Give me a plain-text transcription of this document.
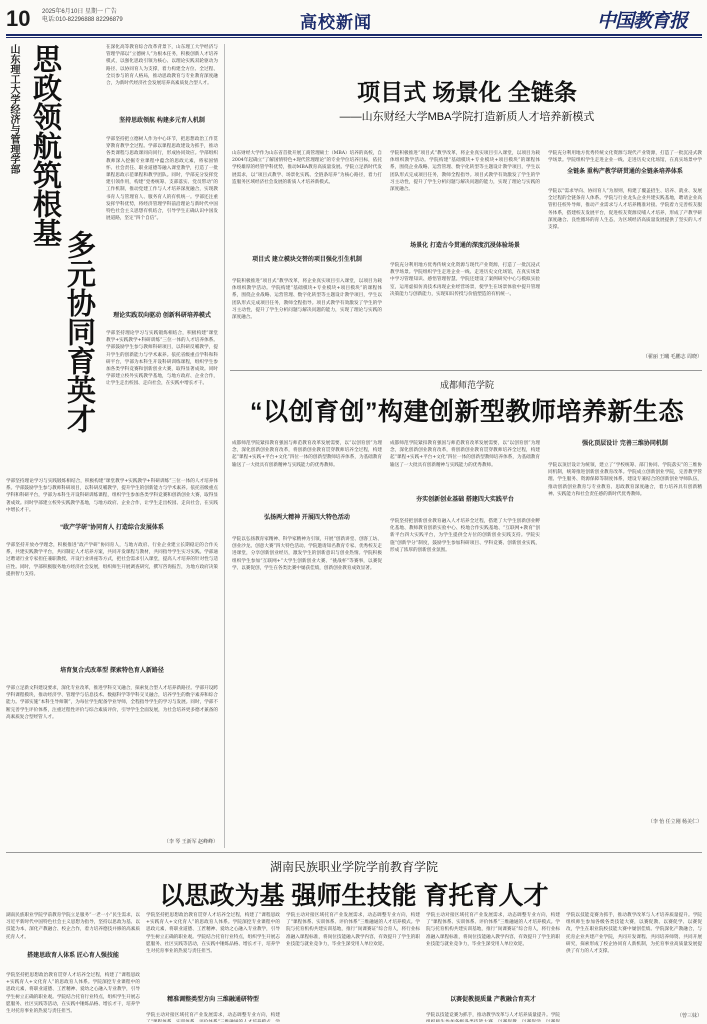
10 2025年6月10日 星期一 广告
电话:010-82296888 82296879	高校新闻	中国教育报
山东理工大学经济与管理学部 思政领航筑根基
多元协同育英才
在深化高等教育综合改革背景下，山东理工大学经济与管理学部以“立德树人”为根本任务，积极创新人才培养模式，以强化思政引领为核心、以理论实践双轮驱动为路径、以协同育人为支撑，着力构建全方位、全过程、全员参与的育人格局，推动思政教育与专业教育深度融合，为新时代经济社会发展培养高素质复合型人才。
坚持思政领航 构建多元育人机制
学部坚持把立德树人作为中心环节，把思想政治工作贯穿教育教学全过程。学部以课程思政建设为抓手，推动各类课程与思政课同向同行，形成协同效应。学部组织教师深入挖掘专业课程中蕴含的思政元素，将家国情怀、社会责任、职业道德等融入课堂教学，打造了一批课程思政示范课程和教学团队。同时，学部充分发挥党建引领作用，构建“党委统筹、支部落实、党员带动”的工作机制，推动党建工作与人才培养深度融合，实现教书育人与管理育人、服务育人的有机统一。学部还注重发挥学科优势，将经济管理学科前沿理论与新时代中国特色社会主义思想有机结合，引导学生正确认识中国发展道路，坚定“四个自信”。
理论实践双向驱动 创新科研培养模式
学部坚持理论学习与实践锻炼相结合，积极构建“课堂教学+实践教学+科研训练”三位一体的人才培养体系。学部鼓励学生参与教师科研项目，以科研反哺教学，提升学生的创新能力与学术素养。依托省级重点学科和科研平台，学部为本科生开设科研训练课程，组织学生参加各类学科竞赛和创新创业大赛，取得显著成效。同时学部建立校外实践教学基地，与地方政府、企业合作，让学生走出校园、走向社会，在实践中增长才干。
学部坚持理论学习与实践锻炼相结合，积极构建“课堂教学+实践教学+科研训练”三位一体的人才培养体系。学部鼓励学生参与教师科研项目，以科研反哺教学，提升学生的创新能力与学术素养。依托省级重点学科和科研平台，学部为本科生开设科研训练课程，组织学生参加各类学科竞赛和创新创业大赛，取得显著成效。同时学部建立校外实践教学基地，与地方政府、企业合作，让学生走出校园、走向社会，在实践中增长才干。
“政产学研”协同育人 打造综合发展体系
学部坚持开放办学理念，积极推进“政产学研”协同育人，与地方政府、行业企业建立长期稳定的合作关系，共建实践教学平台，共同制定人才培养方案，共同开发课程与教材，共同指导学生实习实践。学部通过聘请行业专家担任兼职教授、开设行业讲座等方式，把社会需求引入课堂，提高人才培养的针对性与适应性。同时，学部积极服务地方经济社会发展，组织师生开展调查研究，撰写咨询报告，为地方政府决策提供智力支持。
培育复合式改革型 探索特色育人新路径
学部立足新文科建设要求，深化专业改革，推进学科交叉融合，探索复合型人才培养新路径。学部开设跨学科课程模块，推动经济学、管理学与信息技术、数据科学等学科交叉融合，培养学生的数字素养和综合能力。学部实施“本科生导师制”，为每位学生配备学业导师，全程指导学生的学习与发展。同时，学部不断完善学生评价体系，注重过程性评价与综合素质评价，引导学生全面发展，为社会培养更多德才兼备的高素质复合型经管人才。
（李 琴 王新军 赵峰峰）
项目式 场景化 全链条
——山东财经大学MBA学院打造新质人才培养新模式
山东财经大学作为山东省首批开展工商管理硕士（MBA）培养的高校，自2004年起确立“了解国情特色+现代管理理论”的专业学位培养目标，依托学校雄厚的经管学科优势，推动MBA教育高质量发展。学院立足新时代发展需求，以“项目式教学、场景化实践、全链条培养”为核心路径，着力打造服务区域经济社会发展的新质人才培养新模式。
项目式 建立模块交替的项目强化引生机制
学院积极推进“项目式”教学改革，将企业真实项目引入课堂，以项目为载体组织教学活动。学院构建“基础模块+专业模块+项目模块”的课程体系，围绕企业战略、运营管理、数字化转型等主题设计教学项目，学生以团队形式完成项目任务，教师全程指导。项目式教学有效激发了学生的学习主动性，提升了学生分析问题与解决问题的能力，实现了理论与实践的深度融合。
学院积极推进“项目式”教学改革，将企业真实项目引入课堂，以项目为载体组织教学活动。学院构建“基础模块+专业模块+项目模块”的课程体系，围绕企业战略、运营管理、数字化转型等主题设计教学项目，学生以团队形式完成项目任务，教师全程指导。项目式教学有效激发了学生的学习主动性，提升了学生分析问题与解决问题的能力，实现了理论与实践的深度融合。
场景化 打造古今贯通的深度沉浸体验场景
学院充分利用地方优秀传统文化资源与现代产业资源，打造了一批沉浸式教学场景。学院组织学生走进企业一线、走进历史文化场馆，在真实场景中学习管理知识、感悟管理智慧。学院还建设了案例研究中心与模拟实验室，运用虚拟仿真技术再现企业经营场景，使学生在场景体验中提升管理决策能力与创新能力，实现知识传授与价值塑造的有机统一。
学院充分利用地方优秀传统文化资源与现代产业资源，打造了一批沉浸式教学场景。学院组织学生走进企业一线、走进历史文化场馆，在真实场景中学
全链条 重构产教学研贯通的全链条培养体系
学院以“需求导向、协同育人”为原则，构建了覆盖招生、培养、就业、发展全过程的全链条育人体系。学院与行业龙头企业共建实践基地，聘请企业高管担任校外导师，推动产业需求与人才培养精准对接。学院着力完善校友服务体系，搭建校友发展平台，促进校友资源反哺人才培养，形成了产教学研深度融合、良性循环的育人生态，为区域经济高质量发展提供了坚实的人才支撑。
（翟丽 王曦 毛鹏志 周晓）
成都师范学院
“以创育创”构建创新型教师培养新生态
成都师范学院紧扣教育强国与师范教育改革发展需要，以“以创育创”为理念，深化创新创业教育改革，将创新创业教育贯穿教师培养全过程，构建起“课程+实践+平台+文化”四位一体的创新型教师培养体系，为基础教育输送了一大批具有创新精神与实践能力的优秀教师。
弘扬两大精神 开展四大特色活动
学院以弘扬教育家精神、科学家精神为引领，开展“创新讲堂、创客工坊、创业沙龙、创意大赛”四大特色活动。学院邀请知名教育专家、优秀校友走进课堂，分享创新创业经历，激发学生的创新意识与创业热情。学院积极组织学生参加“互联网+”大学生创新创业大赛、“挑战杯”等赛事，以赛促学、以赛促创，学生在各类比赛中屡获佳绩，创新创业教育成效显著。
成都师范学院紧扣教育强国与师范教育改革发展需要，以“以创育创”为理念，深化创新创业教育改革，将创新创业教育贯穿教师培养全过程，构建起“课程+实践+平台+文化”四位一体的创新型教师培养体系，为基础教育输送了一大批具有创新精神与实践能力的优秀教师。
夯实创新创业基础 搭建四大实践平台
学院坚持把创新创业教育融入人才培养全过程，搭建了大学生创新创业孵化基地、教师教育创新实验中心、校地合作实践基地、“互联网+教育”创新平台四大实践平台，为学生提供全方位的创新创业实践支持。学院实施“创新学分”制度，鼓励学生参加科研项目、学科竞赛、创新创业实践，形成了浓厚的创新创业氛围。
强化顶层设计 完善三维协同机制
学院以顶层设计为统领，建立了“学校统筹、部门协同、学院落实”的三维协同机制，统筹推进创新创业教育改革。学院成立创新创业学院，完善教学管理、学生服务、资源保障等制度体系，建设专兼结合的创新创业导师队伍，推动创新创业教育与专业教育、思政教育深度融合，着力培养具有创新精神、实践能力和社会责任感的新时代优秀教师。
（李 怡 任立刚 杨美仁）
湖南民族职业学院学前教育学院
以思政为基 强师生技能 育托育人才
湖南民族职业学院学前教育学院立足服务“一老一小”民生需求，以习近平新时代中国特色社会主义思想为指导，坚持以思政为基、以技能为本，深化产教融合、校企合作，着力培养德技并修的高素质托育人才。
搭建思政育人体系 匠心育人强技能
学院坚持把思想政治教育贯穿人才培养全过程，构建了“课程思政+实践育人+文化育人”的思政育人体系。学院深挖专业课程中的思政元素，将职业道德、工匠精神、爱幼之心融入专业教学，引导学生树立正确的职业观。学院结合托育行业特点，组织学生开展志愿服务、社区实践等活动，在实践中锤炼品格、增长才干，培养学生对托育事业的热爱与责任担当。
学院坚持把思想政治教育贯穿人才培养全过程，构建了“课程思政+实践育人+文化育人”的思政育人体系。学院深挖专业课程中的思政元素，将职业道德、工匠精神、爱幼之心融入专业教学，引导学生树立正确的职业观。学院结合托育行业特点，组织学生开展志愿服务、社区实践等活动，在实践中锤炼品格、增长才干，培养学生对托育事业的热爱与责任担当。
精准调整类型方向 三维融通研特型
学院主动对接区域托育产业发展需求，动态调整专业方向，构建
学院主动对接区域托育产业发展需求，动态调整专业方向，构建了“课程体系、实训体系、评价体系”三维融通的人才培养模式。学院与托育机构共建实训基地，推行“岗课赛证”综合育人，将行业标准融入课程标准，将岗位技能融入教学内容，有效提升了学生的职业技能与就业竞争力，毕业生深受用人单位欢迎。
学院主动对接区域托育产业发展需求，动态调整专业方向，构建了“课程体系、实训体系、评价体系”三维融通的人才培养模式。学院与托育机构共建实训基地，推行“岗课赛证”综合育人，将行业标准融入课程标准，将岗位技能融入教学内容，有效提升了学生的职业技能与就业竞争力，毕业生深受用人单位欢迎。
以赛促教提质量 产教融合育英才
学院以技能竞赛为抓手，推动教学改革与人才培养质量提升。学院
学院以技能竞赛为抓手，推动教学改革与人才培养质量提升。学院组织师生参加各级各类技能大赛，以赛促教、以赛促学、以赛促改，学生在职业院校技能大赛中屡创佳绩。学院深化产教融合，与托育企业共建产业学院，共同开发课程、共同培养师资、共同开展研究，探索形成了校企协同育人新机制，为托育事业高质量发展提供了有力的人才支撑。
（曾三妹）
